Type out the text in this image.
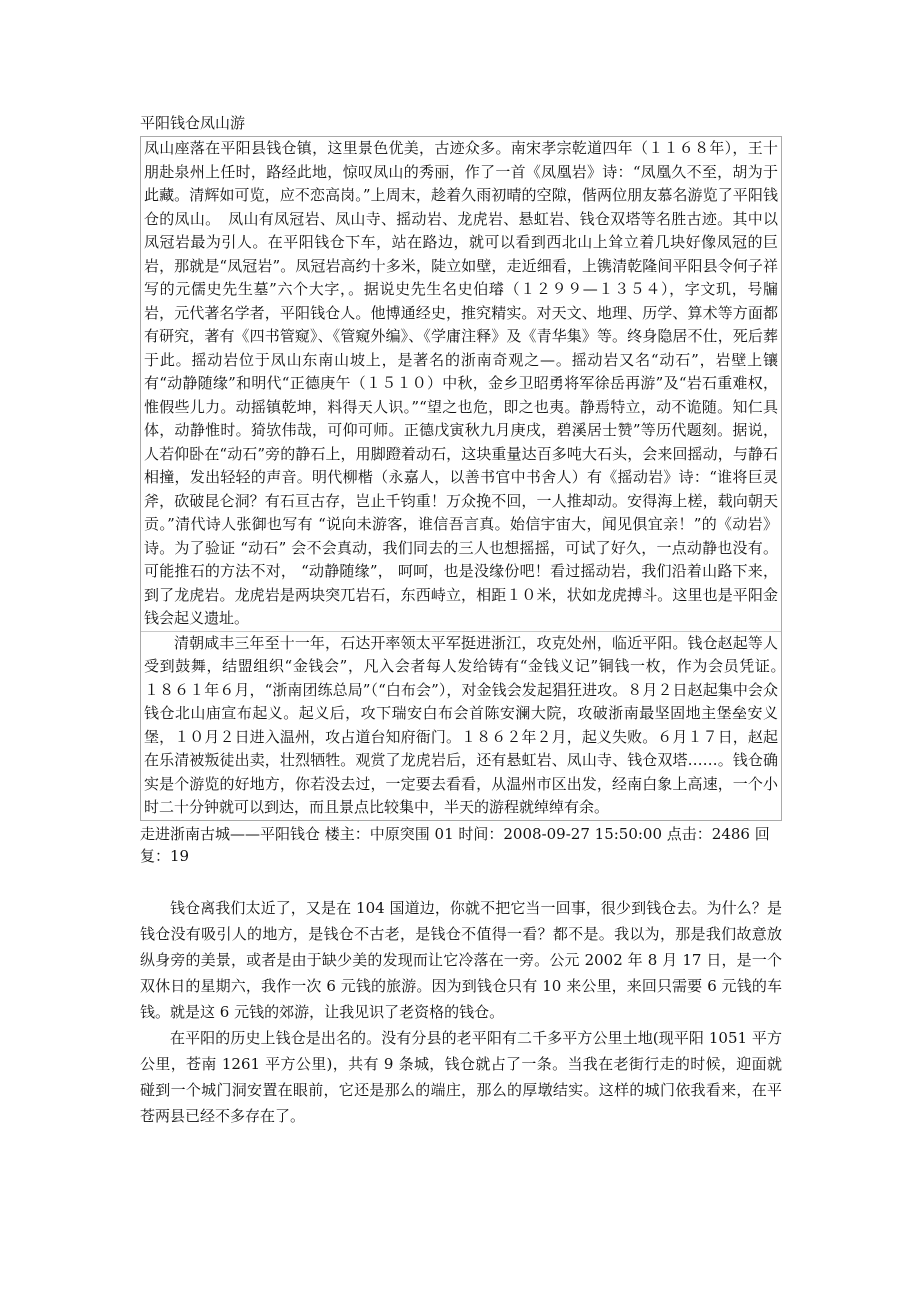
平阳钱仓凤山游

凤山座落在平阳县钱仓镇，这里景色优美，古迹众多。南宋孝宗乾道四年（１１６８年），王十朋赴泉州上任时，路经此地，惊叹凤山的秀丽，作了一首《凤凰岩》诗：“凤凰久不至，胡为于此藏。清辉如可览，应不恋高岗。”上周末，趁着久雨初晴的空隙，偕两位朋友慕名游览了平阳钱仓的凤山。　凤山有凤冠岩、凤山寺、摇动岩、龙虎岩、悬虹岩、钱仓双塔等名胜古迹。其中以凤冠岩最为引人。在平阳钱仓下车，站在路边，就可以看到西北山上耸立着几块好像凤冠的巨岩，那就是“凤冠岩”。凤冠岩高约十多米，陡立如壁，走近细看，上镌清乾隆间平阳县令何子祥写的元儒史先生墓”六个大字，。据说史先生名史伯璿（１２９９—１３５４），字文玑，号牖岩，元代著名学者，平阳钱仓人。他博通经史，推究精实。对天文、地理、历学、算术等方面都有研究，著有《四书管窥》、《管窥外编》、《学庸注释》及《青华集》等。终身隐居不仕，死后葬于此。摇动岩位于凤山东南山坡上，是著名的浙南奇观之—。摇动岩又名“动石”，岩壁上镶有“动静随缘”和明代“正德庚午（１５１０）中秋，金乡卫昭勇将军徐岳再游”及“岩石重难权，惟假些儿力。动摇镇乾坤，料得天人识。”“望之也危，即之也夷。静焉特立，动不诡随。知仁具体，动静惟时。猗欤伟哉，可仰可师。正德戊寅秋九月庚戌，碧溪居士赞”等历代题刻。据说，人若仰卧在“动石”旁的静石上，用脚蹬着动石，这块重量达百多吨大石头，会来回摇动，与静石相撞，发出轻轻的声音。明代柳楷（永嘉人，以善书官中书舍人）有《摇动岩》诗：“谁将巨灵斧，砍破昆仑洞？有石亘古存，岂止千钧重！万众挽不回，一人推却动。安得海上槎，载向朝天贡。”清代诗人张御也写有 “说向未游客，谁信吾言真。始信宇宙大，闻见俱宜亲！”的《动岩》诗。为了验证 “动石” 会不会真动，我们同去的三人也想摇摇，可试了好久，一点动静也没有。可能推石的方法不对， “动静随缘”， 呵呵，也是没缘份吧！看过摇动岩，我们沿着山路下来，到了龙虎岩。龙虎岩是两块突兀岩石，东西峙立，相距１０米，状如龙虎搏斗。这里也是平阳金钱会起义遗址。

清朝咸丰三年至十一年，石达开率领太平军挺进浙江，攻克处州，临近平阳。钱仓赵起等人受到鼓舞，结盟组织“金钱会”，凡入会者每人发给铸有“金钱义记”铜钱一枚，作为会员凭证。　１８６１年６月，“浙南团练总局”（“白布会”），对金钱会发起猖狂进攻。８月２日赵起集中会众钱仓北山庙宣布起义。起义后，攻下瑞安白布会首陈安澜大院，攻破浙南最坚固地主堡垒安义堡，１０月２日进入温州，攻占道台知府衙门。１８６２年２月，起义失败。６月１７日，赵起在乐清被叛徒出卖，壮烈牺牲。观赏了龙虎岩后，还有悬虹岩、凤山寺、钱仓双塔……。钱仓确实是个游览的好地方，你若没去过，一定要去看看，从温州市区出发，经南白象上高速，一个小时二十分钟就可以到达，而且景点比较集中，半天的游程就绰绰有余。

走进浙南古城——平阳钱仓 楼主：中原突围 01 时间：2008-09-27 15:50:00 点击：2486 回复：19

钱仓离我们太近了，又是在 104 国道边，你就不把它当一回事，很少到钱仓去。为什么？是钱仓没有吸引人的地方，是钱仓不古老，是钱仓不值得一看？都不是。我以为，那是我们故意放纵身旁的美景，或者是由于缺少美的发现而让它冷落在一旁。公元 2002 年 8 月 17 日，是一个双休日的星期六，我作一次 6 元钱的旅游。因为到钱仓只有 10 来公里，来回只需要 6 元钱的车钱。就是这 6 元钱的郊游，让我见识了老资格的钱仓。

在平阳的历史上钱仓是出名的。没有分县的老平阳有二千多平方公里土地(现平阳 1051 平方公里，苍南 1261 平方公里)，共有 9 条城，钱仓就占了一条。当我在老街行走的时候，迎面就碰到一个城门洞安置在眼前，它还是那么的端庄，那么的厚墩结实。这样的城门依我看来，在平苍两县已经不多存在了。
